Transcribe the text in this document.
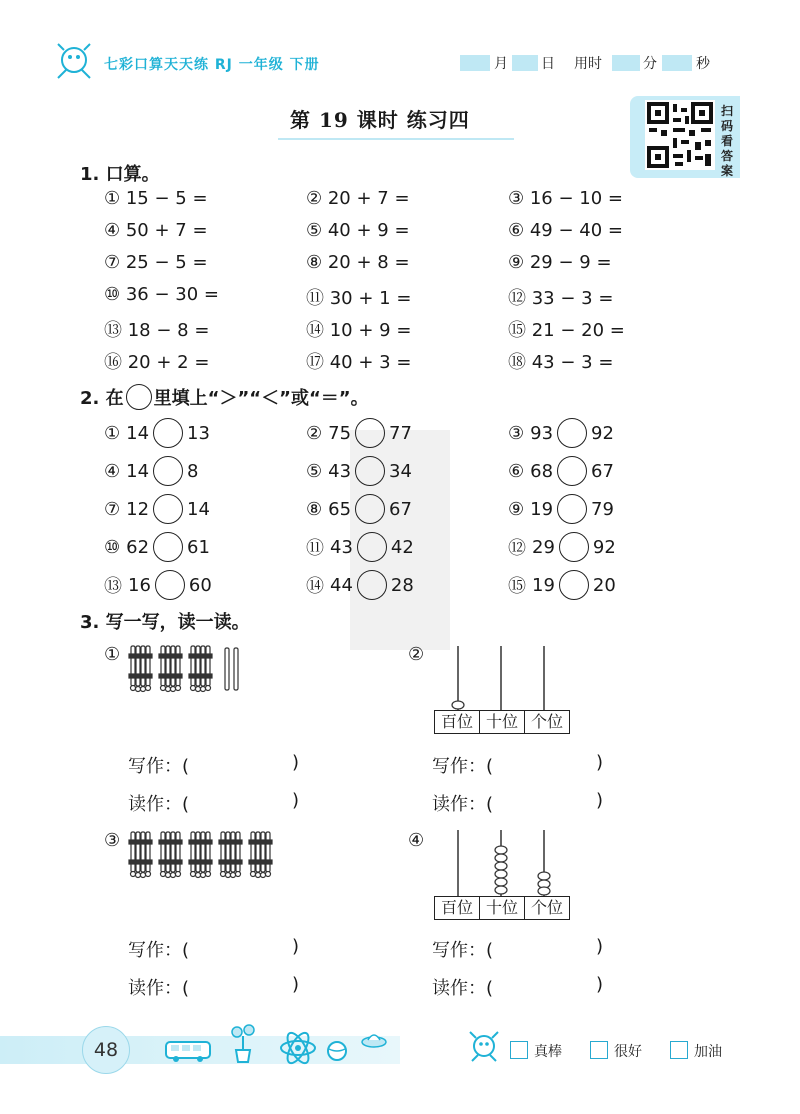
七彩口算天天练 RJ 一年级 下册	月 日 用时	分	秒
第 19 课时 练习四	扫码看答案
1. 口算。
① 15 − 5 =	② 20 + 7 =	③ 16 − 10 =
④ 50 + 7 =	⑤ 40 + 9 =	⑥ 49 − 40 =
⑦ 25 − 5 =	⑧ 20 + 8 =	⑨ 29 − 9 =
⑩ 36 − 30 =	⑪ 30 + 1 =	⑫ 33 − 3 =
⑬ 18 − 8 =	⑭ 10 + 9 =	⑮ 21 − 20 =
⑯ 20 + 2 =	⑰ 40 + 3 =	⑱ 43 − 3 =
2. 在 里填上“＞”“＜”或“＝”。
① 14 13	② 75 77	③ 93 92
④ 14 8	⑤ 43 34	⑥ 68 67
⑦ 12 14	⑧ 65 67	⑨ 19 79
⑩ 62 61	⑪ 43 42	⑫ 29 92
⑬ 16 60	⑭ 44 28	⑮ 19 20
3. 写一写，读一读。
①	②
百位 十位 个位
写作：(	)
读作：(	)
写作：(	)
读作：(	)
③	④
百位 十位 个位
写作：(	)
读作：(	)
写作：(	)
读作：(	)
48	真棒	很好	加油
